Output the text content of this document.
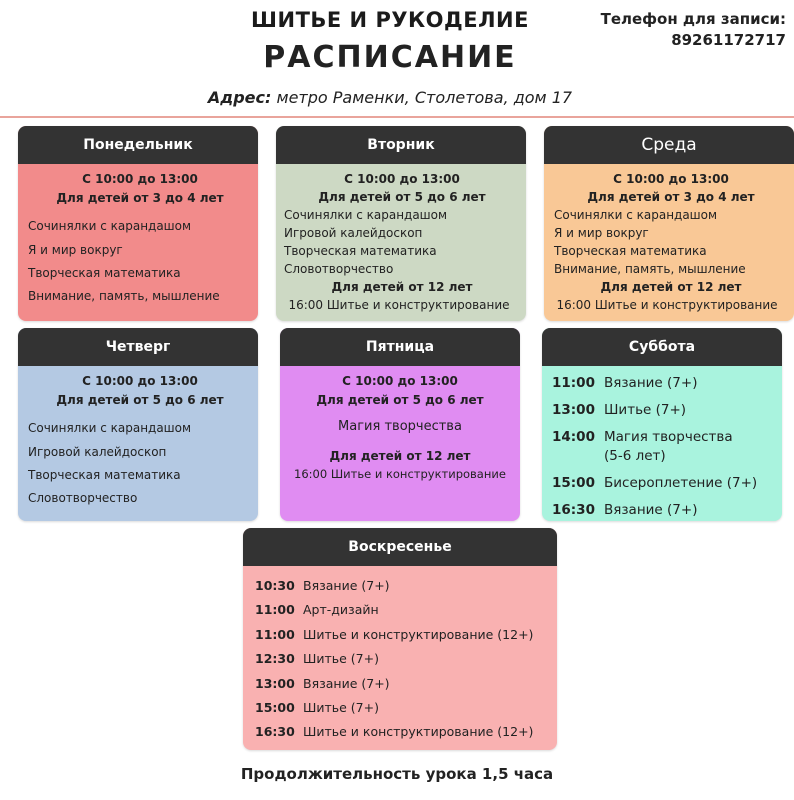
ШИТЬЕ И РУКОДЕЛИЕ
РАСПИСАНИЕ
Телефон для записи:
89261172717
Адрес: метро Раменки, Столетова, дом 17
Понедельник
С 10:00 до 13:00
Для детей от 3 до 4 лет
Сочинялки с карандашом
Я и мир вокруг
Творческая математика
Внимание, память, мышление
Вторник
С 10:00 до 13:00
Для детей от 5 до 6 лет
Сочинялки с карандашом
Игровой калейдоскоп
Творческая математика
Словотворчество
Для детей от 12 лет
16:00 Шитье и конструктирование
Среда
С 10:00 до 13:00
Для детей от 3 до 4 лет
Сочинялки с карандашом
Я и мир вокруг
Творческая математика
Внимание, память, мышление
Для детей от 12 лет
16:00 Шитье и конструктирование
Четверг
С 10:00 до 13:00
Для детей от 5 до 6 лет
Сочинялки с карандашом
Игровой калейдоскоп
Творческая математика
Словотворчество
Пятница
С 10:00 до 13:00
Для детей от 5 до 6 лет
Магия творчества
Для детей от 12 лет
16:00 Шитье и конструктирование
Суббота
11:00 Вязание (7+)
13:00 Шитье (7+)
14:00 Магия творчества
(5-6 лет)
15:00 Бисероплетение (7+)
16:30 Вязание (7+)
Воскресенье
10:30 Вязание (7+)
11:00 Арт-дизайн
11:00 Шитье и конструктирование (12+)
12:30 Шитье (7+)
13:00 Вязание (7+)
15:00 Шитье (7+)
16:30 Шитье и конструктирование (12+)
Продолжительность урока 1,5 часа
